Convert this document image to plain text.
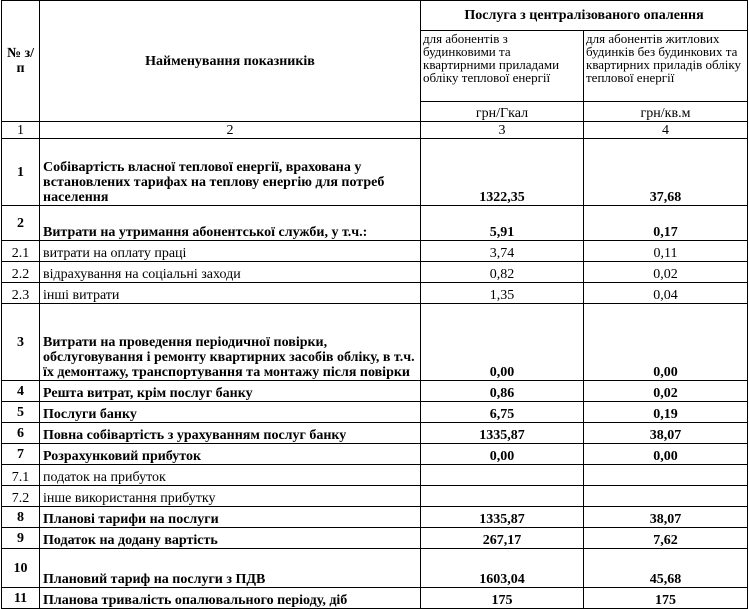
№ з/п	Найменування показників	Послуга з централізованого опалення	

		для абонентів з будинковими та квартирними приладами обліку теплової енергії	для абонентів житлових будинків без будинкових та квартирних приладів обліку теплової енергії

		грн/Гкал	грн/кв.м
1	2	3	4
1	Собівартість власної теплової енергії, врахована у встановлених тарифах на теплову енергію для потреб населення	1322,35	37,68
2	Витрати на утримання абонентської служби, у т.ч.:	5,91	0,17
2.1	витрати на оплату праці	3,74	0,11
2.2	відрахування на соціальні заходи	0,82	0,02
2.3	інші витрати	1,35	0,04
3	Витрати на проведення періодичної повірки, обслуговування і ремонту квартирних засобів обліку, в т.ч. їх демонтажу, транспортування та монтажу після повірки	0,00	0,00
4	Решта витрат, крім послуг банку	0,86	0,02
5	Послуги банку	6,75	0,19
6	Повна собівартість з урахуванням послуг банку	1335,87	38,07
7	Розрахунковий прибуток	0,00	0,00
7.1	податок на прибуток		
7.2	інше використання прибутку		
8	Планові тарифи на послуги	1335,87	38,07
9	Податок на додану вартість	267,17	7,62
10	Плановий тариф на послуги з ПДВ	1603,04	45,68
11	Планова тривалість опалювального періоду, діб	175	175
